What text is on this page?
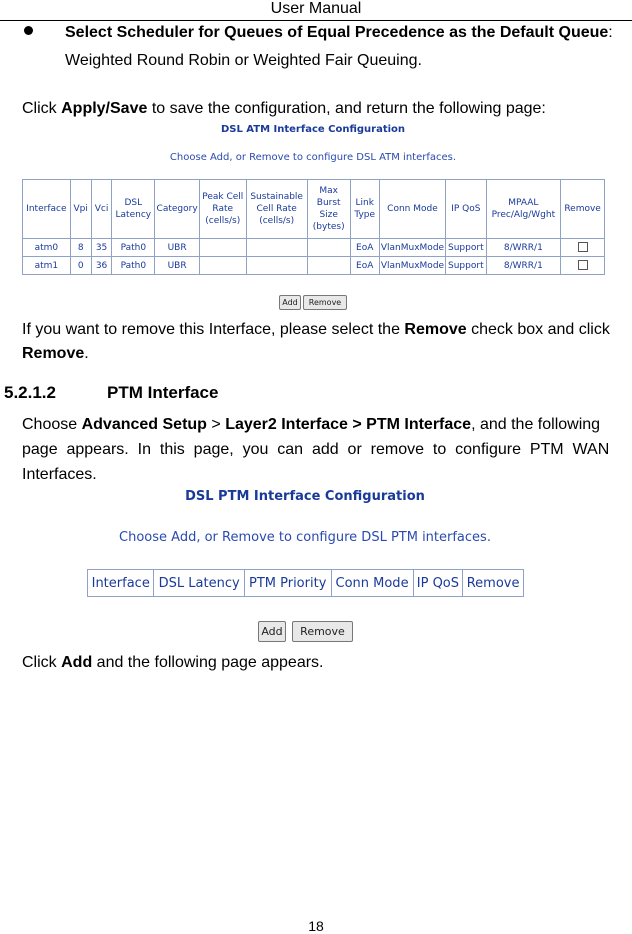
User Manual
Select Scheduler for Queues of Equal Precedence as the Default Queue:
Weighted Round Robin or Weighted Fair Queuing.
Click Apply/Save to save the configuration, and return the following page:
DSL ATM Interface Configuration
Choose Add, or Remove to configure DSL ATM interfaces.
Interface	Vpi	Vci	DSL Latency	Category	Peak Cell Rate (cells/s)	Sustainable Cell Rate (cells/s)	Max Burst Size (bytes)	Link Type	Conn Mode	IP QoS	MPAAL Prec/Alg/Wght	Remove
atm0	8	35	Path0	UBR				EoA	VlanMuxMode	Support	8/WRR/1	
atm1	0	36	Path0	UBR				EoA	VlanMuxMode	Support	8/WRR/1	
Add	Remove
If you want to remove this Interface, please select the Remove check box and click
Remove.
5.2.1.2	PTM Interface
Choose Advanced Setup > Layer2 Interface > PTM Interface, and the following
page  appears.  In  this  page,  you  can  add  or  remove  to  configure  PTM  WAN
Interfaces.
DSL PTM Interface Configuration
Choose Add, or Remove to configure DSL PTM interfaces.
Interface	DSL Latency	PTM Priority	Conn Mode	IP QoS	Remove
Add	Remove
Click Add and the following page appears.
18
